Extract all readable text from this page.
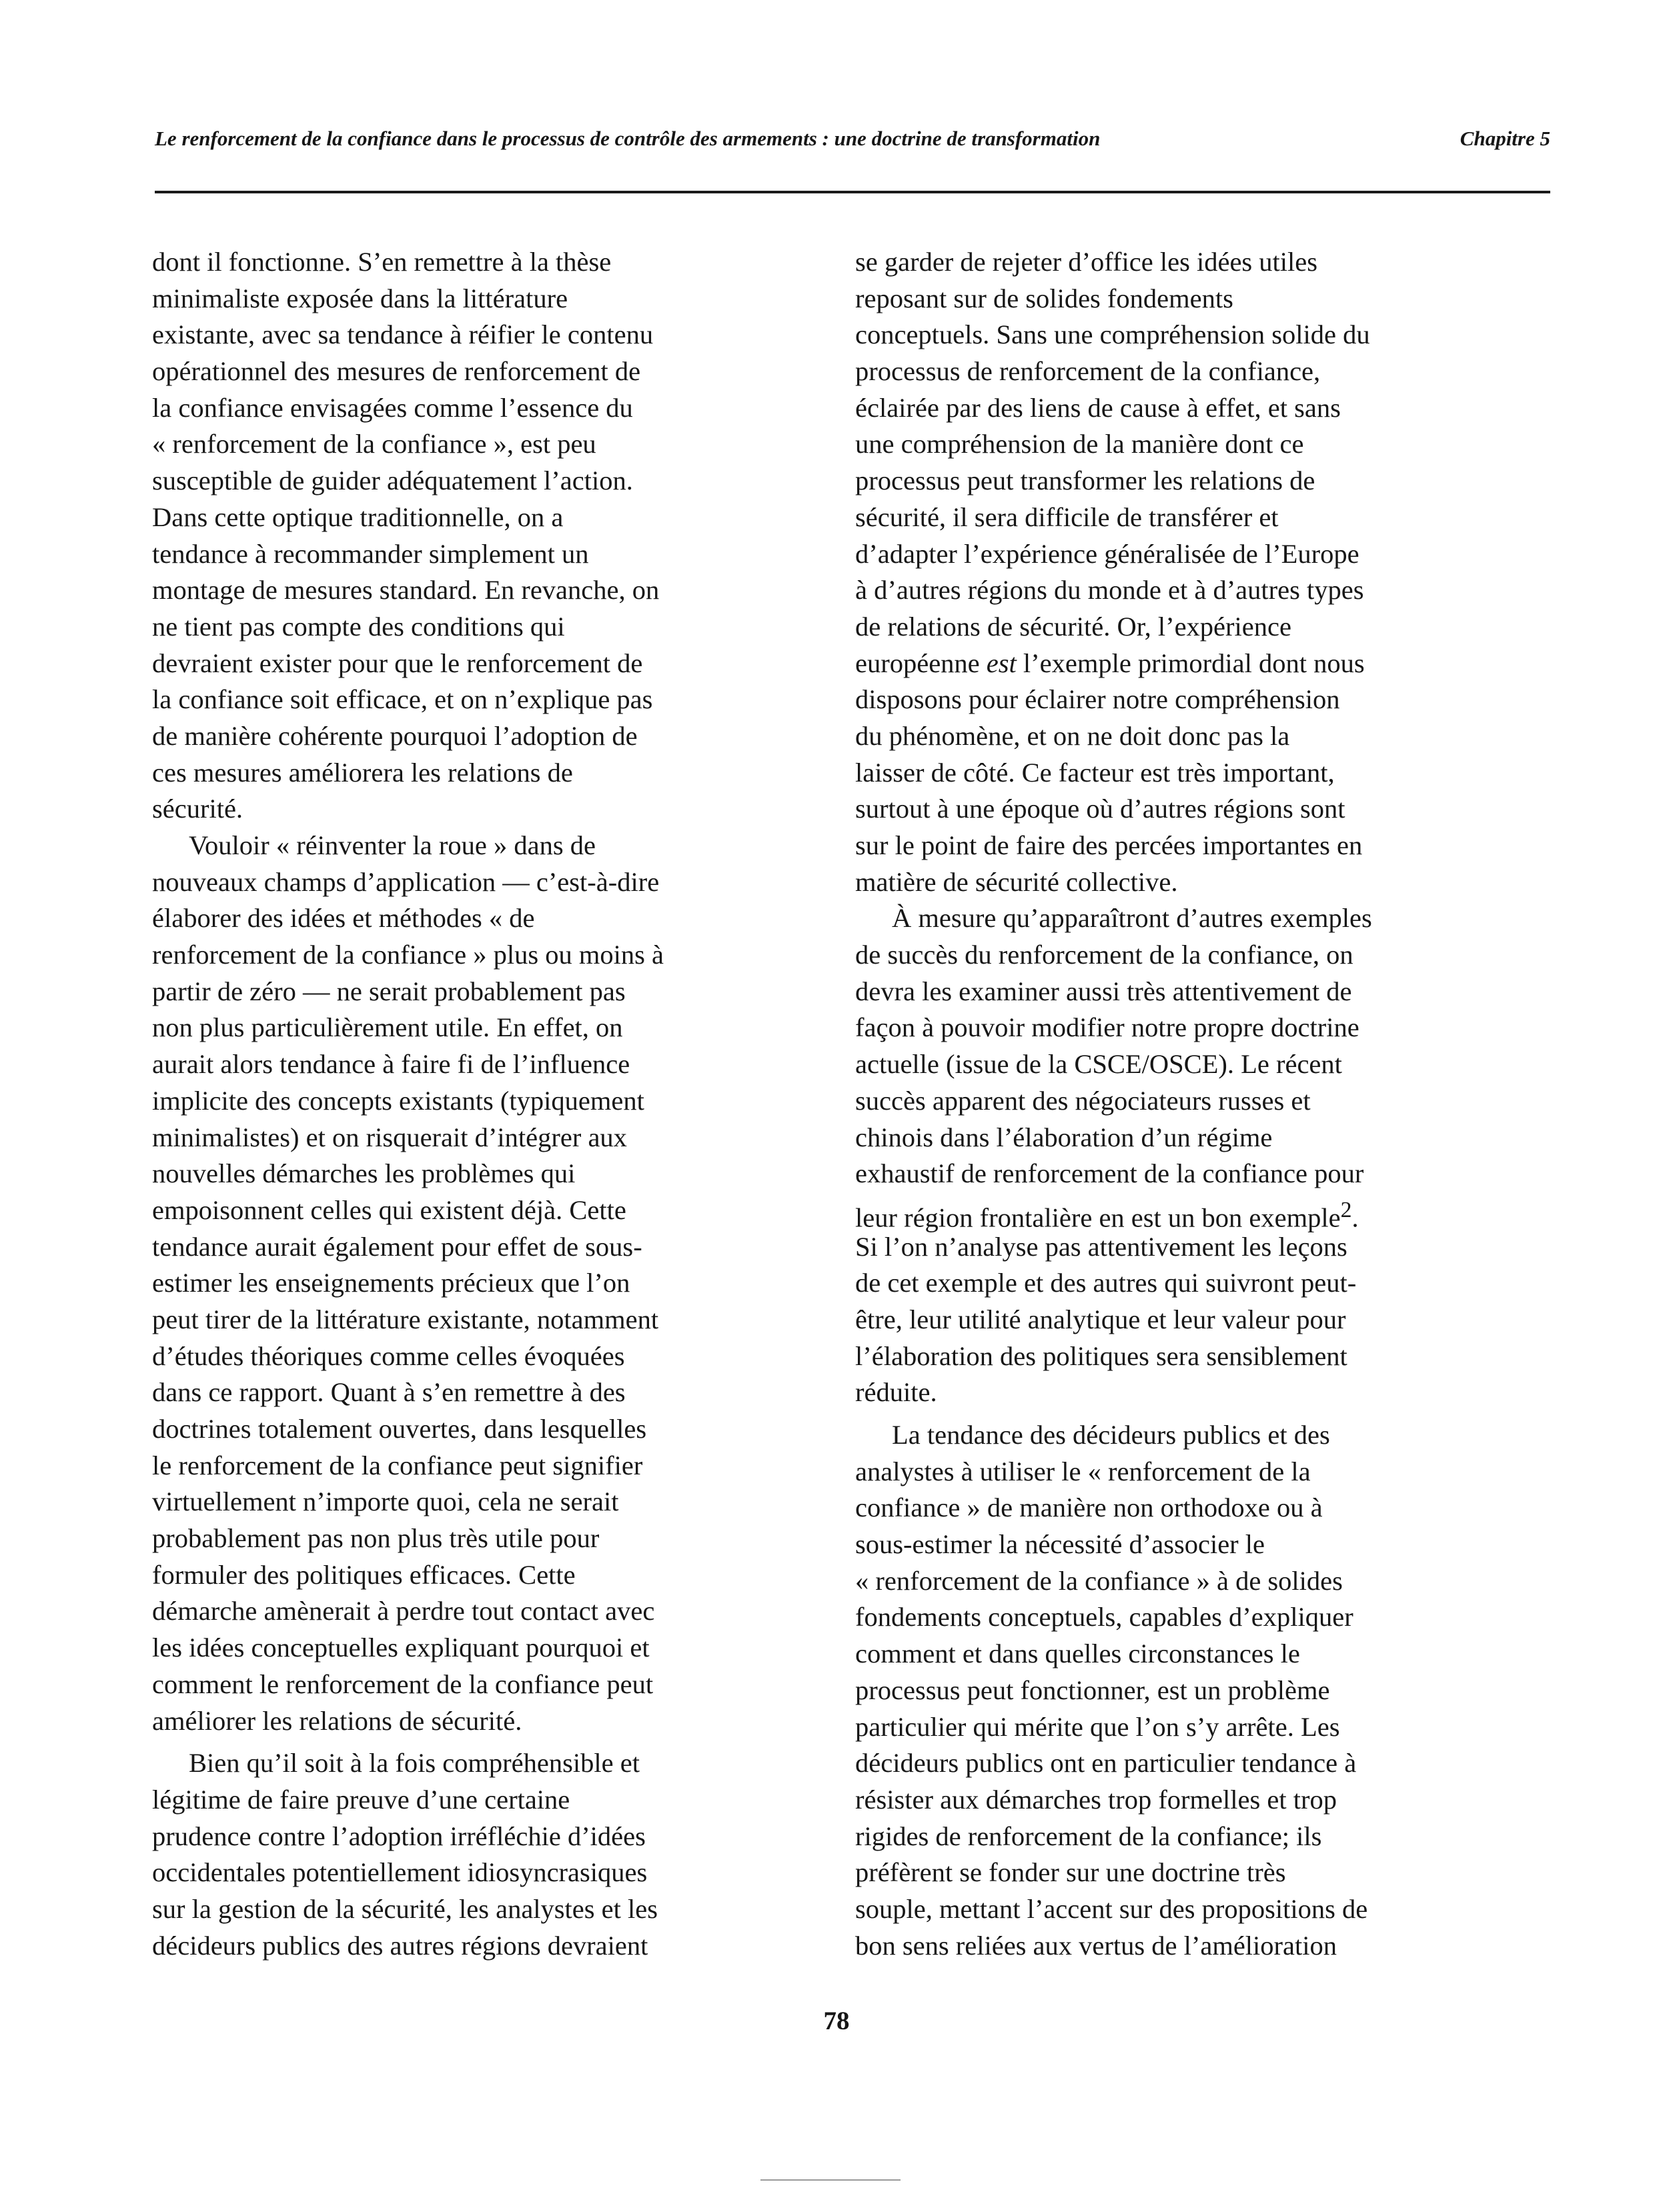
Le renforcement de la confiance dans le processus de contrôle des armements : une doctrine de transformation	Chapitre 5
dont il fonctionne. S’en remettre à la thèse
minimaliste exposée dans la littérature
existante, avec sa tendance à réifier le contenu
opérationnel des mesures de renforcement de
la confiance envisagées comme l’essence du
« renforcement de la confiance », est peu
susceptible de guider adéquatement l’action.
Dans cette optique traditionnelle, on a
tendance à recommander simplement un
montage de mesures standard. En revanche, on
ne tient pas compte des conditions qui
devraient exister pour que le renforcement de
la confiance soit efficace, et on n’explique pas
de manière cohérente pourquoi l’adoption de
ces mesures améliorera les relations de
sécurité.
Vouloir « réinventer la roue » dans de
nouveaux champs d’application — c’est-à-dire
élaborer des idées et méthodes « de
renforcement de la confiance » plus ou moins à
partir de zéro — ne serait probablement pas
non plus particulièrement utile. En effet, on
aurait alors tendance à faire fi de l’influence
implicite des concepts existants (typiquement
minimalistes) et on risquerait d’intégrer aux
nouvelles démarches les problèmes qui
empoisonnent celles qui existent déjà. Cette
tendance aurait également pour effet de sous-
estimer les enseignements précieux que l’on
peut tirer de la littérature existante, notamment
d’études théoriques comme celles évoquées
dans ce rapport. Quant à s’en remettre à des
doctrines totalement ouvertes, dans lesquelles
le renforcement de la confiance peut signifier
virtuellement n’importe quoi, cela ne serait
probablement pas non plus très utile pour
formuler des politiques efficaces. Cette
démarche amènerait à perdre tout contact avec
les idées conceptuelles expliquant pourquoi et
comment le renforcement de la confiance peut
améliorer les relations de sécurité.
Bien qu’il soit à la fois compréhensible et
légitime de faire preuve d’une certaine
prudence contre l’adoption irréfléchie d’idées
occidentales potentiellement idiosyncrasiques
sur la gestion de la sécurité, les analystes et les
décideurs publics des autres régions devraient
se garder de rejeter d’office les idées utiles
reposant sur de solides fondements
conceptuels. Sans une compréhension solide du
processus de renforcement de la confiance,
éclairée par des liens de cause à effet, et sans
une compréhension de la manière dont ce
processus peut transformer les relations de
sécurité, il sera difficile de transférer et
d’adapter l’expérience généralisée de l’Europe
à d’autres régions du monde et à d’autres types
de relations de sécurité. Or, l’expérience
européenne est l’exemple primordial dont nous
disposons pour éclairer notre compréhension
du phénomène, et on ne doit donc pas la
laisser de côté. Ce facteur est très important,
surtout à une époque où d’autres régions sont
sur le point de faire des percées importantes en
matière de sécurité collective.
À mesure qu’apparaîtront d’autres exemples
de succès du renforcement de la confiance, on
devra les examiner aussi très attentivement de
façon à pouvoir modifier notre propre doctrine
actuelle (issue de la CSCE/OSCE). Le récent
succès apparent des négociateurs russes et
chinois dans l’élaboration d’un régime
exhaustif de renforcement de la confiance pour
leur région frontalière en est un bon exemple$^2$.
Si l’on n’analyse pas attentivement les leçons
de cet exemple et des autres qui suivront peut-
être, leur utilité analytique et leur valeur pour
l’élaboration des politiques sera sensiblement
réduite.
La tendance des décideurs publics et des
analystes à utiliser le « renforcement de la
confiance » de manière non orthodoxe ou à
sous-estimer la nécessité d’associer le
« renforcement de la confiance » à de solides
fondements conceptuels, capables d’expliquer
comment et dans quelles circonstances le
processus peut fonctionner, est un problème
particulier qui mérite que l’on s’y arrête. Les
décideurs publics ont en particulier tendance à
résister aux démarches trop formelles et trop
rigides de renforcement de la confiance; ils
préfèrent se fonder sur une doctrine très
souple, mettant l’accent sur des propositions de
bon sens reliées aux vertus de l’amélioration
78
